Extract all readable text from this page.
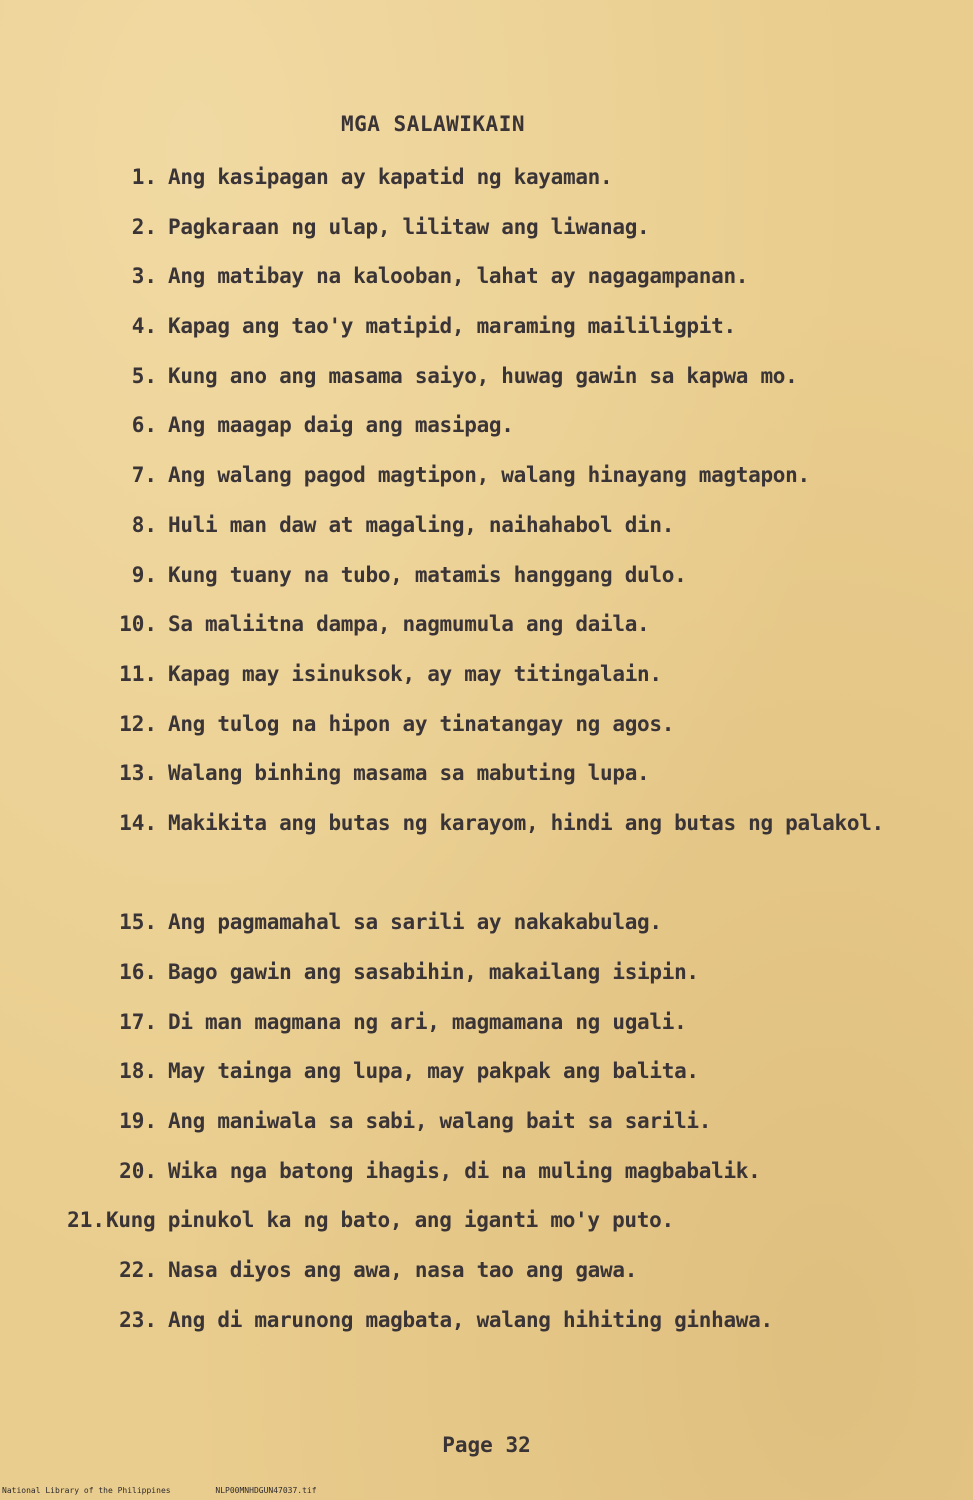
MGA SALAWIKAIN
1. Ang kasipagan ay kapatid ng kayaman.
2. Pagkaraan ng ulap, lilitaw ang liwanag.
3. Ang matibay na kalooban, lahat ay nagagampanan.
4. Kapag ang tao'y matipid, maraming maililigpit.
5. Kung ano ang masama saiyo, huwag gawin sa kapwa mo.
6. Ang maagap daig ang masipag.
7. Ang walang pagod magtipon, walang hinayang magtapon.
8. Huli man daw at magaling, naihahabol din.
9. Kung tuany na tubo, matamis hanggang dulo.
10. Sa maliitna dampa, nagmumula ang daila.
11. Kapag may isinuksok, ay may titingalain.
12. Ang tulog na hipon ay tinatangay ng agos.
13. Walang binhing masama sa mabuting lupa.
14. Makikita ang butas ng karayom, hindi ang butas ng palakol.
15. Ang pagmamahal sa sarili ay nakakabulag.
16. Bago gawin ang sasabihin, makailang isipin.
17. Di man magmana ng ari, magmamana ng ugali.
18. May tainga ang lupa, may pakpak ang balita.
19. Ang maniwala sa sabi, walang bait sa sarili.
20. Wika nga batong ihagis, di na muling magbabalik.
21. Kung pinukol ka ng bato, ang iganti mo'y puto.
22. Nasa diyos ang awa, nasa tao ang gawa.
23. Ang di marunong magbata, walang hihiting ginhawa.
Page 32
National Library of the Philippines	NLP00MNHDGUN47037.tif
